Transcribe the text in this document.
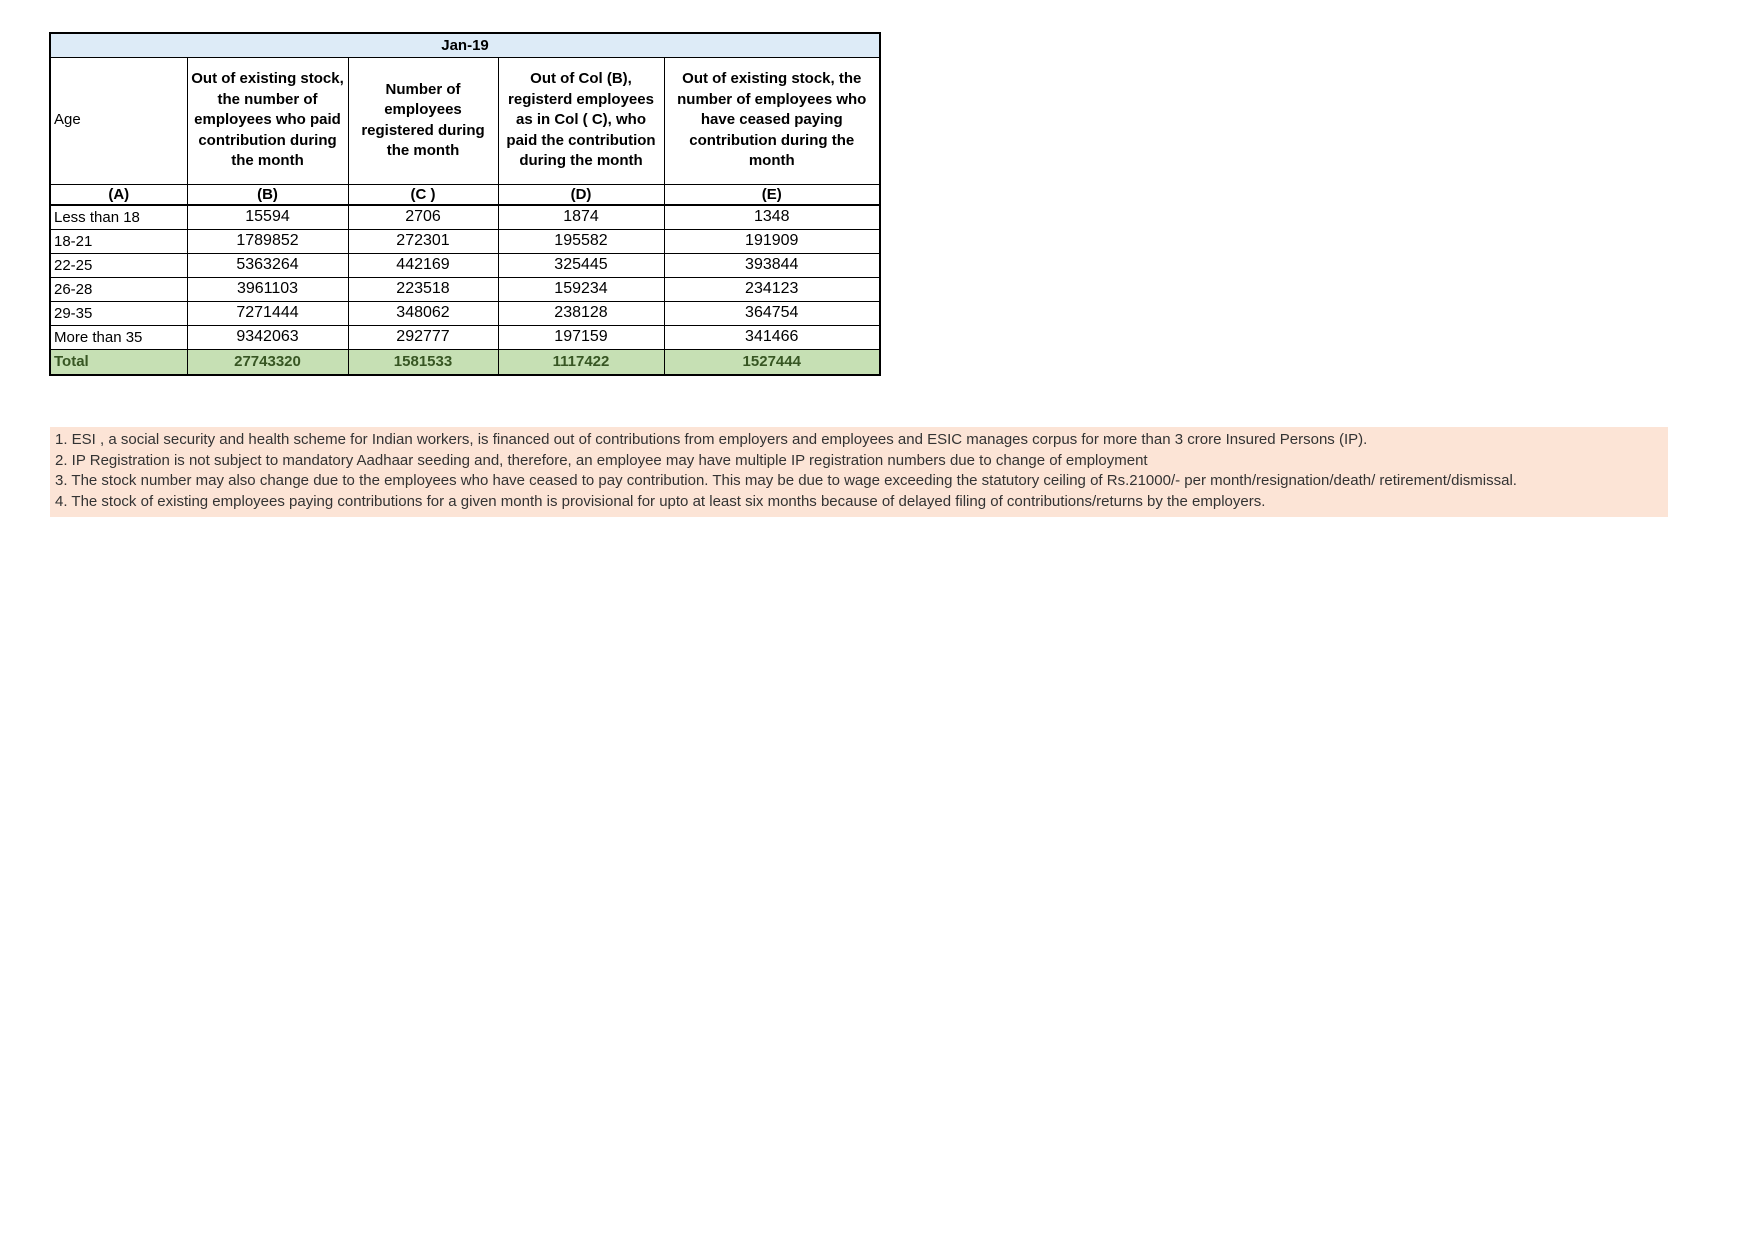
Jan-19				
Age	Out of existing stock, the number of employees who paid contribution during the month	Number of employees registered during the month	Out of Col (B), registerd employees as in Col ( C), who paid the contribution during the month	Out of existing stock, the number of employees who have ceased paying contribution during the month
(A)	(B)	(C )	(D)	(E)
Less than 18	15594	2706	1874	1348
18-21	1789852	272301	195582	191909
22-25	5363264	442169	325445	393844
26-28	3961103	223518	159234	234123
29-35	7271444	348062	238128	364754
More than 35	9342063	292777	197159	341466
Total	27743320	1581533	1117422	1527444
1. ESI , a social security and health scheme for Indian workers, is financed out of contributions from employers and employees and ESIC manages corpus for more than 3 crore Insured Persons (IP).
2. IP Registration is not subject to mandatory Aadhaar seeding and, therefore, an employee may have multiple IP registration numbers due to change of employment
3. The stock number may also change due to the employees who have ceased to pay contribution. This may be due to wage exceeding the statutory ceiling of Rs.21000/- per month/resignation/death/ retirement/dismissal.
4. The stock of existing employees paying contributions for a given month is provisional for upto at least six months because of delayed filing of contributions/returns by the employers.
